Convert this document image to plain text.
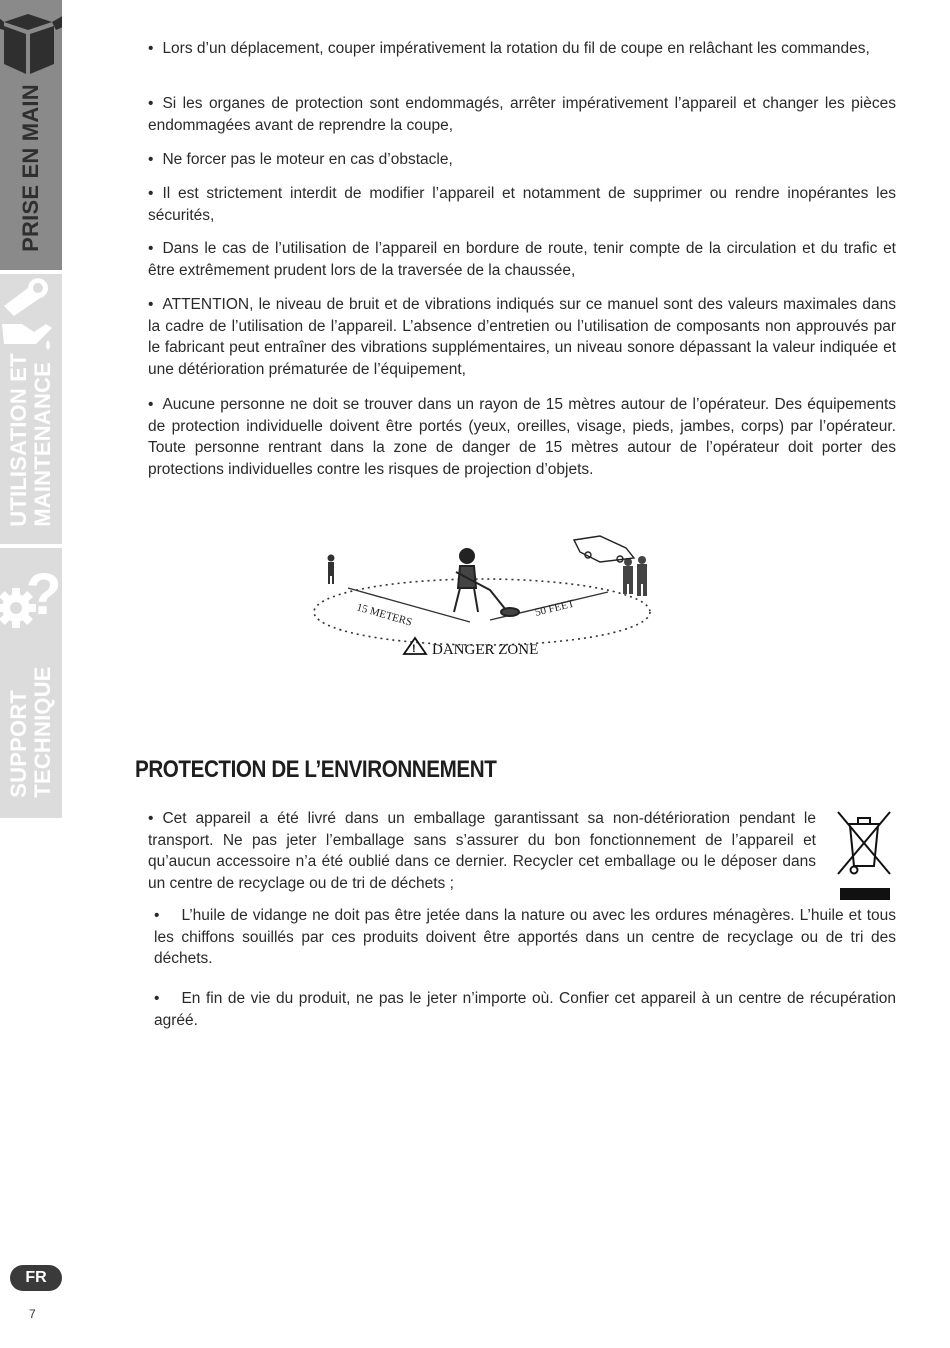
PRISE EN MAIN
UTILISATION ET MAINTENANCE
?
SUPPORT TECHNIQUE

• Lors d’un déplacement, couper impérativement la rotation du fil de coupe en relâchant les commandes,

• Si les organes de protection sont endommagés, arrêter impérativement l’appareil et changer les pièces endommagées avant de reprendre la coupe,

• Ne forcer pas le moteur en cas d’obstacle,

• Il est strictement interdit de modifier l’appareil et notamment de supprimer ou rendre inopérantes les sécurités,

• Dans le cas de l’utilisation de l’appareil en bordure de route, tenir compte de la circulation et du trafic et être extrêmement prudent lors de la traversée de la chaussée,

• ATTENTION, le niveau de bruit et de vibrations indiqués sur ce manuel sont des valeurs maximales dans la cadre de l’utilisation de l’appareil. L’absence d’entretien ou l’utilisation de composants non approuvés par le fabricant peut entraîner des vibrations supplémentaires, un niveau sonore dépassant la valeur indiquée et une détérioration prématurée de l’équipement,

• Aucune personne ne doit se trouver dans un rayon de 15 mètres autour de l’opérateur. Des équipements de protection individuelle doivent être portés (yeux, oreilles, visage, pieds, jambes, corps) par l’opérateur. Toute personne rentrant dans la zone de danger de 15 mètres autour de l’opérateur doit porter des protections individuelles contre les risques de projection d’objets.

15 METERS	50 FEET
! DANGER ZONE
PROTECTION DE L’ENVIRONNEMENT

• Cet appareil a été livré dans un emballage garantissant sa non-détérioration pendant le transport. Ne pas jeter l’emballage sans s’assurer du bon fonctionnement de l’appareil et qu’aucun accessoire n’a été oublié dans ce dernier. Recycler cet emballage ou le déposer dans un centre de recyclage ou de tri de déchets ;

• L’huile de vidange ne doit pas être jetée dans la nature ou avec les ordures ménagères. L’huile et tous les chiffons souillés par ces produits doivent être apportés dans un centre de recyclage ou de tri des déchets.

• En fin de vie du produit, ne pas le jeter n’importe où. Confier cet appareil à un centre de récupération agréé.

FR
7
